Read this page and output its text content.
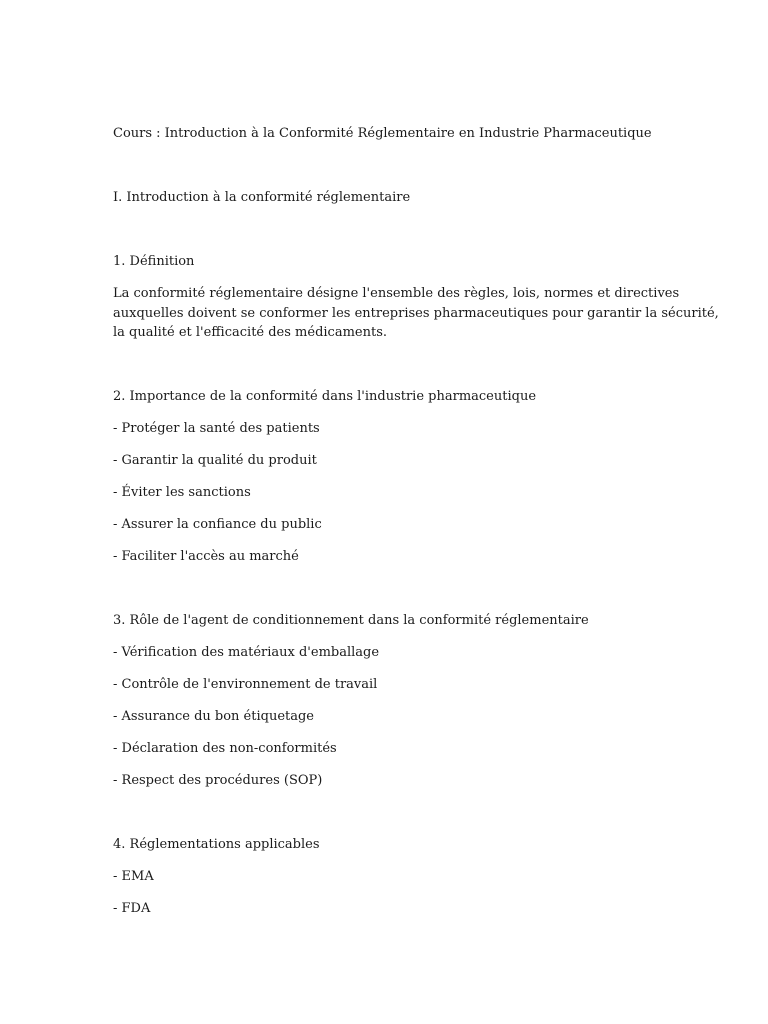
Cours : Introduction à la Conformité Réglementaire en Industrie Pharmaceutique
I. Introduction à la conformité réglementaire
1. Définition
La conformité réglementaire désigne l'ensemble des règles, lois, normes et directives
auxquelles doivent se conformer les entreprises pharmaceutiques pour garantir la sécurité,
la qualité et l'efficacité des médicaments.
2. Importance de la conformité dans l'industrie pharmaceutique
- Protéger la santé des patients
- Garantir la qualité du produit
- Éviter les sanctions
- Assurer la confiance du public
- Faciliter l'accès au marché
3. Rôle de l'agent de conditionnement dans la conformité réglementaire
- Vérification des matériaux d'emballage
- Contrôle de l'environnement de travail
- Assurance du bon étiquetage
- Déclaration des non-conformités
- Respect des procédures (SOP)
4. Réglementations applicables
- EMA
- FDA
